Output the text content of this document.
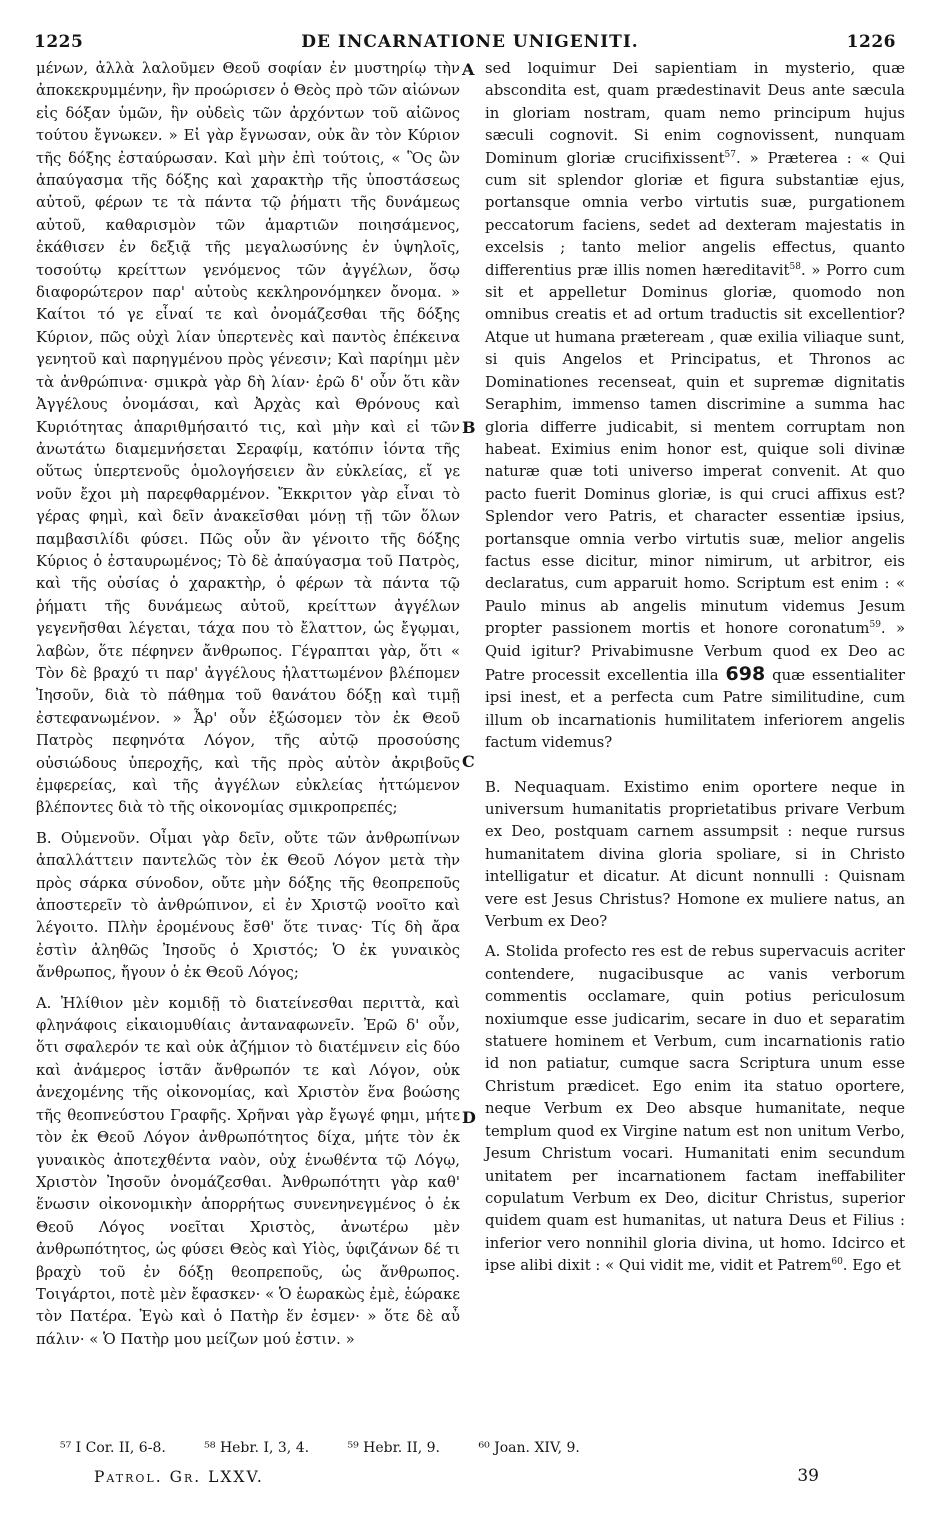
1225	DE INCARNATIONE UNIGENITI.	1226
A
B
C
D

μένων, ἀλλὰ λαλοῦμεν Θεοῦ σοφίαν ἐν μυστηρίῳ τὴν ἀποκεκρυμμένην, ἣν προώρισεν ὁ Θεὸς πρὸ τῶν αἰώνων εἰς δόξαν ὑμῶν, ἣν οὐδεὶς τῶν ἀρχόντων τοῦ αἰῶνος τούτου ἔγνωκεν. » Εἰ γὰρ ἔγνωσαν, οὐκ ἂν τὸν Κύριον τῆς δόξης ἐσταύρωσαν. Καὶ μὴν ἐπὶ τούτοις, « Ὃς ὢν ἀπαύγασμα τῆς δόξης καὶ χαρακτὴρ τῆς ὑποστάσεως αὐτοῦ, φέρων τε τὰ πάντα τῷ ῥήματι τῆς δυνάμεως αὐτοῦ, καθαρισμὸν τῶν ἁμαρτιῶν ποιησάμενος, ἐκάθισεν ἐν δεξιᾷ τῆς μεγαλωσύνης ἐν ὑψηλοῖς, τοσούτῳ κρείττων γενόμενος τῶν ἀγγέλων, ὅσῳ διαφορώτερον παρ' αὐτοὺς κεκληρονόμηκεν ὄνομα. » Καίτοι τό γε εἶναί τε καὶ ὀνομάζεσθαι τῆς δόξης Κύριον, πῶς οὐχὶ λίαν ὑπερτενὲς καὶ παντὸς ἐπέκεινα γενητοῦ καὶ παρηγμένου πρὸς γένεσιν; Καὶ παρίημι μὲν τὰ ἀνθρώπινα· σμικρὰ γὰρ δὴ λίαν· ἐρῶ δ' οὖν ὅτι κἂν Ἀγγέλους ὀνομάσαι, καὶ Ἀρχὰς καὶ Θρόνους καὶ Κυριότητας ἀπαριθμήσαιτό τις, καὶ μὴν καὶ εἰ τῶν ἀνωτάτω διαμεμνήσεται Σεραφίμ, κατόπιν ἰόντα τῆς οὕτως ὑπερτενοῦς ὁμολογήσειεν ἂν εὐκλείας, εἴ γε νοῦν ἔχοι μὴ παρεφθαρμένον. Ἔκκριτον γὰρ εἶναι τὸ γέρας φημὶ, καὶ δεῖν ἀνακεῖσθαι μόνῃ τῇ τῶν ὅλων παμβασιλίδι φύσει. Πῶς οὖν ἂν γένοιτο τῆς δόξης Κύριος ὁ ἐσταυρωμένος; Τὸ δὲ ἀπαύγασμα τοῦ Πατρὸς, καὶ τῆς οὐσίας ὁ χαρακτὴρ, ὁ φέρων τὰ πάντα τῷ ῥήματι τῆς δυνάμεως αὐτοῦ, κρείττων ἀγγέλων γεγενῆσθαι λέγεται, τάχα που τὸ ἔλαττον, ὡς ἔγῳμαι, λαβὼν, ὅτε πέφηνεν ἄνθρωπος. Γέγραπται γὰρ, ὅτι « Τὸν δὲ βραχύ τι παρ' ἀγγέλους ἠλαττωμένον βλέπομεν Ἰησοῦν, διὰ τὸ πάθημα τοῦ θανάτου δόξῃ καὶ τιμῇ ἐστεφανωμένον. » Ἆρ' οὖν ἐξώσομεν τὸν ἐκ Θεοῦ Πατρὸς πεφηνότα Λόγον, τῆς αὐτῷ προσούσης οὐσιώδους ὑπεροχῆς, καὶ τῆς πρὸς αὐτὸν ἀκριβοῦς ἐμφερείας, καὶ τῆς ἀγγέλων εὐκλείας ἡττώμενον βλέποντες διὰ τὸ τῆς οἰκονομίας σμικροπρεπές;

Β. Οὐμενοῦν. Οἶμαι γὰρ δεῖν, οὔτε τῶν ἀνθρωπίνων ἀπαλλάττειν παντελῶς τὸν ἐκ Θεοῦ Λόγον μετὰ τὴν πρὸς σάρκα σύνοδον, οὔτε μὴν δόξης τῆς θεοπρεποῦς ἀποστερεῖν τὸ ἀνθρώπινον, εἰ ἐν Χριστῷ νοοῖτο καὶ λέγοιτο. Πλὴν ἐρομένους ἔσθ' ὅτε τινας· Τίς δὴ ἄρα ἐστὶν ἀληθῶς Ἰησοῦς ὁ Χριστός; Ὁ ἐκ γυναικὸς ἄνθρωπος, ἤγουν ὁ ἐκ Θεοῦ Λόγος;

Α. Ἠλίθιον μὲν κομιδῇ τὸ διατείνεσθαι περιττὰ, καὶ φληνάφοις εἰκαιομυθίαις ἀνταναφωνεῖν. Ἐρῶ δ' οὖν, ὅτι σφαλερόν τε καὶ οὐκ ἀζήμιον τὸ διατέμνειν εἰς δύο καὶ ἀνάμερος ἱστᾶν ἄνθρωπόν τε καὶ Λόγον, οὐκ ἀνεχομένης τῆς οἰκονομίας, καὶ Χριστὸν ἕνα βοώσης τῆς θεοπνεύστου Γραφῆς. Χρῆναι γὰρ ἔγωγέ φημι, μήτε τὸν ἐκ Θεοῦ Λόγον ἀνθρωπότητος δίχα, μήτε τὸν ἐκ γυναικὸς ἀποτεχθέντα ναὸν, οὐχ ἑνωθέντα τῷ Λόγῳ, Χριστὸν Ἰησοῦν ὀνομάζεσθαι. Ἀνθρωπότητι γὰρ καθ' ἕνωσιν οἰκονομικὴν ἀπορρήτως συνενηνεγμένος ὁ ἐκ Θεοῦ Λόγος νοεῖται Χριστὸς, ἀνωτέρω μὲν ἀνθρωπότητος, ὡς φύσει Θεὸς καὶ Υἱὸς, ὑφιζάνων δέ τι βραχὺ τοῦ ἐν δόξῃ θεοπρεποῦς, ὡς ἄνθρωπος. Τοιγάρτοι, ποτὲ μὲν ἔφασκεν· « Ὁ ἑωρακὼς ἐμὲ, ἑώρακε τὸν Πατέρα. Ἐγὼ καὶ ὁ Πατὴρ ἕν ἐσμεν· » ὅτε δὲ αὖ πάλιν· « Ὁ Πατὴρ μου μείζων μού ἐστιν. »

sed loquimur Dei sapientiam in mysterio, quæ abscondita est, quam prædestinavit Deus ante sæcula in gloriam nostram, quam nemo principum hujus sæculi cognovit. Si enim cognovissent, nunquam Dominum gloriæ crucifixissent$^{57}$. » Præterea : « Qui cum sit splendor gloriæ et figura substantiæ ejus, portansque omnia verbo virtutis suæ, purgationem peccatorum faciens, sedet ad dexteram majestatis in excelsis ; tanto melior angelis effectus, quanto differentius præ illis nomen hæreditavit$^{58}$. » Porro cum sit et appelletur Dominus gloriæ, quomodo non omnibus creatis et ad ortum traductis sit excellentior? Atque ut humana præteream , quæ exilia viliaque sunt, si quis Angelos et Principatus, et Thronos ac Dominationes recenseat, quin et supremæ dignitatis Seraphim, immenso tamen discrimine a summa hac gloria differre judicabit, si mentem corruptam non habeat. Eximius enim honor est, quique soli divinæ naturæ quæ toti universo imperat convenit. At quo pacto fuerit Dominus gloriæ, is qui cruci affixus est? Splendor vero Patris, et character essentiæ ipsius, portansque omnia verbo virtutis suæ, melior angelis factus esse dicitur, minor nimirum, ut arbitror, eis declaratus, cum apparuit homo. Scriptum est enim : « Paulo minus ab angelis minutum videmus Jesum propter passionem mortis et honore coronatum$^{59}$. » Quid igitur? Privabimusne Verbum quod ex Deo ac Patre processit excellentia illa 698 quæ essentialiter ipsi inest, et a perfecta cum Patre similitudine, cum illum ob incarnationis humilitatem inferiorem angelis factum videmus?

B. Nequaquam. Existimo enim oportere neque in universum humanitatis proprietatibus privare Verbum ex Deo, postquam carnem assumpsit : neque rursus humanitatem divina gloria spoliare, si in Christo intelligatur et dicatur. At dicunt nonnulli : Quisnam vere est Jesus Christus? Homone ex muliere natus, an Verbum ex Deo?

A. Stolida profecto res est de rebus supervacuis acriter contendere, nugacibusque ac vanis verborum commentis occlamare, quin potius periculosum noxiumque esse judicarim, secare in duo et separatim statuere hominem et Verbum, cum incarnationis ratio id non patiatur, cumque sacra Scriptura unum esse Christum prædicet. Ego enim ita statuo oportere, neque Verbum ex Deo absque humanitate, neque templum quod ex Virgine natum est non unitum Verbo, Jesum Christum vocari. Humanitati enim secundum unitatem per incarnationem factam ineffabiliter copulatum Verbum ex Deo, dicitur Christus, superior quidem quam est humanitas, ut natura Deus et Filius : inferior vero nonnihil gloria divina, ut homo. Idcirco et ipse alibi dixit : « Qui vidit me, vidit et Patrem$^{60}$. Ego et

⁵⁷ I Cor. II, 6-8.	⁵⁸ Hebr. I, 3, 4.	⁵⁹ Hebr. II, 9.	⁶⁰ Joan. XIV, 9.
Patrol. Gr. LXXV.	39
